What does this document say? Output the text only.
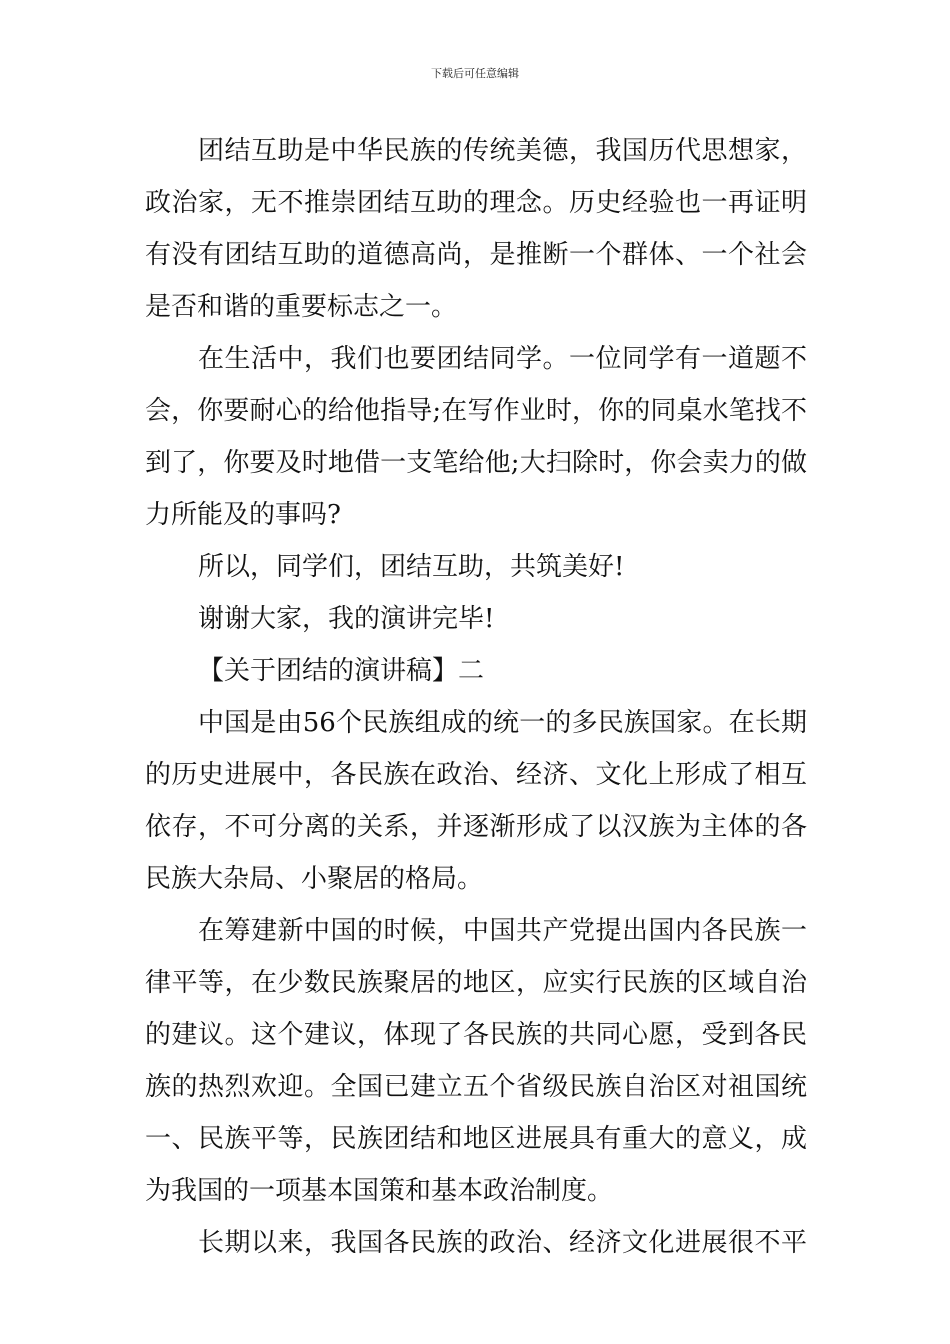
下载后可任意编辑
团结互助是中华民族的传统美德，我国历代思想家，
政治家，无不推崇团结互助的理念。历史经验也一再证明
有没有团结互助的道德高尚，是推断一个群体、一个社会
是否和谐的重要标志之一。
在生活中，我们也要团结同学。一位同学有一道题不
会，你要耐心的给他指导;在写作业时，你的同桌水笔找不
到了，你要及时地借一支笔给他;大扫除时，你会卖力的做
力所能及的事吗?
所以，同学们，团结互助，共筑美好!
谢谢大家，我的演讲完毕!
【关于团结的演讲稿】二
中国是由56个民族组成的统一的多民族国家。在长期
的历史进展中，各民族在政治、经济、文化上形成了相互
依存，不可分离的关系，并逐渐形成了以汉族为主体的各
民族大杂局、小聚居的格局。
在筹建新中国的时候，中国共产党提出国内各民族一
律平等，在少数民族聚居的地区，应实行民族的区域自治
的建议。这个建议，体现了各民族的共同心愿，受到各民
族的热烈欢迎。全国已建立五个省级民族自治区对祖国统
一、民族平等，民族团结和地区进展具有重大的意义，成
为我国的一项基本国策和基本政治制度。
长期以来，我国各民族的政治、经济文化进展很不平
